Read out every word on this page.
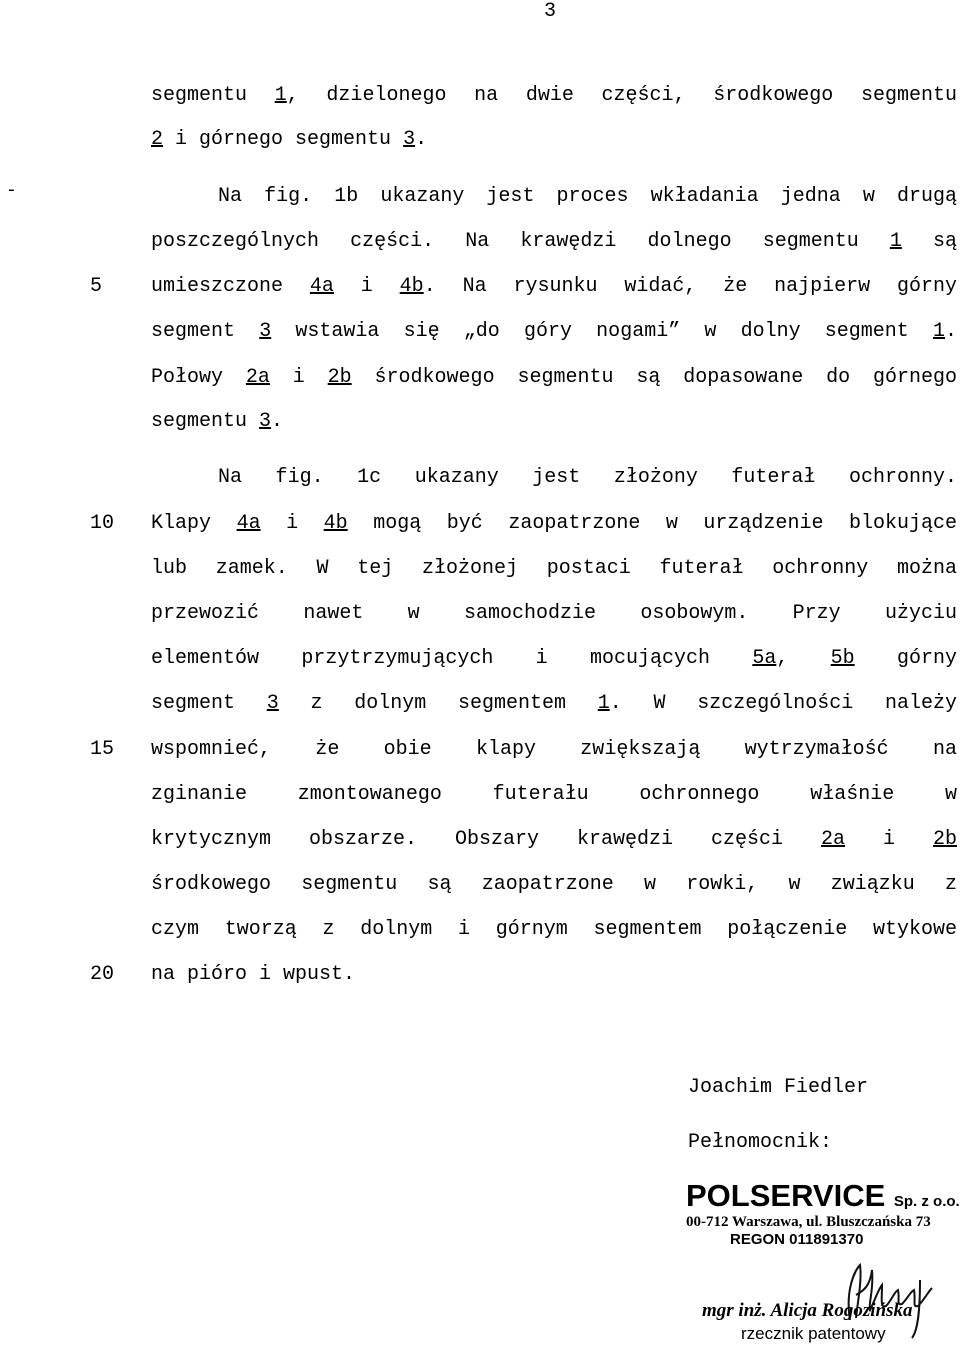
3
-
5
10
15
20
segmentu 1, dzielonego na dwie części, środkowego segmentu
2 i górnego segmentu 3.
Na fig. 1b ukazany jest proces wkładania jedna w drugą
poszczególnych części. Na krawędzi dolnego segmentu 1 są
umieszczone 4a i 4b. Na rysunku widać, że najpierw górny
segment 3 wstawia się „do góry nogami” w dolny segment 1.
Połowy 2a i 2b środkowego segmentu są dopasowane do górnego
segmentu 3.
Na fig. 1c ukazany jest złożony futerał ochronny.
Klapy 4a i 4b mogą być zaopatrzone w urządzenie blokujące
lub zamek. W tej złożonej postaci futerał ochronny można
przewozić nawet w samochodzie osobowym. Przy użyciu
elementów przytrzymujących i mocujących 5a, 5b górny
segment 3 z dolnym segmentem 1. W szczególności należy
wspomnieć, że obie klapy zwiększają wytrzymałość na
zginanie zmontowanego futerału ochronnego właśnie w
krytycznym obszarze. Obszary krawędzi części 2a i 2b
środkowego segmentu są zaopatrzone w rowki, w związku z
czym tworzą z dolnym i górnym segmentem połączenie wtykowe
na pióro i wpust.
Joachim Fiedler
Pełnomocnik:
POLSERVICE Sp. z o.o.
00-712 Warszawa, ul. Bluszczańska 73
REGON 011891370
mgr inż. Alicja Rogozińska
rzecznik patentowy
